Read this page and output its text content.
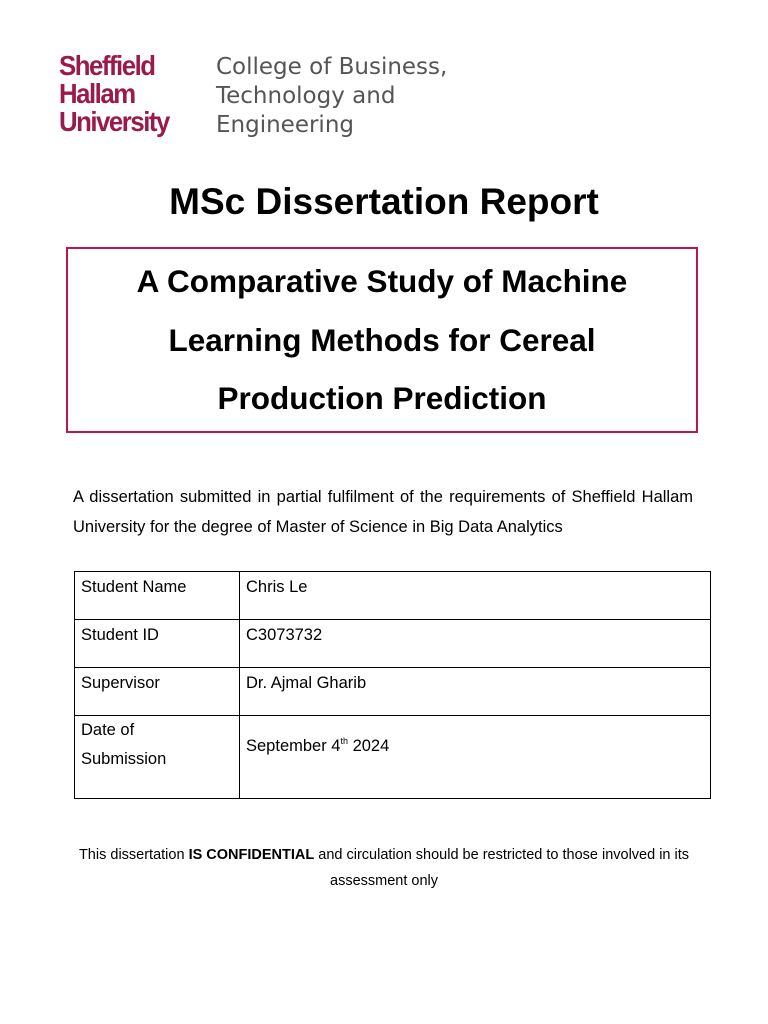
Sheffield
Hallam
University
College of Business,
Technology and
Engineering
MSc Dissertation Report
A Comparative Study of Machine
Learning Methods for Cereal
Production Prediction
A dissertation submitted in partial fulfilment of the requirements of Sheffield Hallam University for the degree of Master of Science in Big Data Analytics
Student Name	Chris Le
Student ID	C3073732
Supervisor	Dr. Ajmal Gharib
Date of
Submission	September 4th 2024
This dissertation IS CONFIDENTIAL and circulation should be restricted to those involved in its assessment only
